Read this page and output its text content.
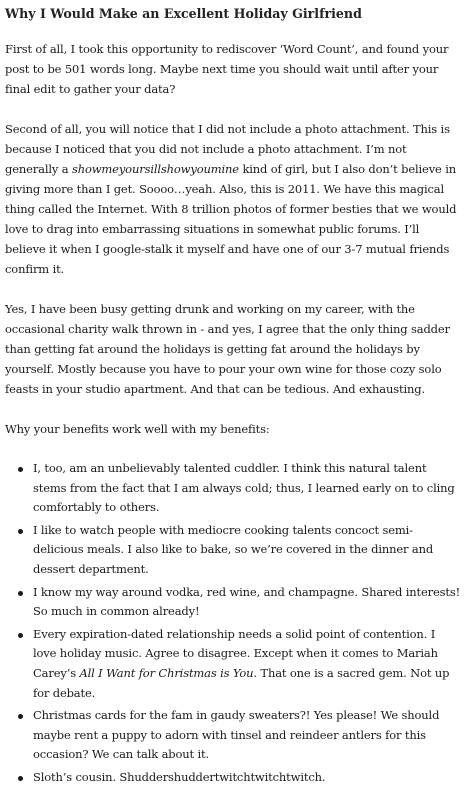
Why I Would Make an Excellent Holiday Girlfriend

First of all, I took this opportunity to rediscover ‘Word Count’, and found your post to be 501 words long. Maybe next time you should wait until after your final edit to gather your data?

Second of all, you will notice that I did not include a photo attachment. This is because I noticed that you did not include a photo attachment. I’m not generally a showmeyoursillshowyoumine kind of girl, but I also don’t believe in giving more than I get. Soooo…yeah. Also, this is 2011. We have this magical thing called the Internet. With 8 trillion photos of former besties that we would love to drag into embarrassing situations in somewhat public forums. I’ll believe it when I google-stalk it myself and have one of our 3-7 mutual friends confirm it.

Yes, I have been busy getting drunk and working on my career, with the occasional charity walk thrown in - and yes, I agree that the only thing sadder than getting fat around the holidays is getting fat around the holidays by yourself. Mostly because you have to pour your own wine for those cozy solo feasts in your studio apartment. And that can be tedious. And exhausting.

Why your benefits work well with my benefits:

I, too, am an unbelievably talented cuddler. I think this natural talent stems from the fact that I am always cold; thus, I learned early on to cling comfortably to others.
I like to watch people with mediocre cooking talents concoct semi-delicious meals. I also like to bake, so we’re covered in the dinner and dessert department.
I know my way around vodka, red wine, and champagne. Shared interests! So much in common already!
Every expiration-dated relationship needs a solid point of contention. I love holiday music. Agree to disagree. Except when it comes to Mariah Carey’s All I Want for Christmas is You. That one is a sacred gem. Not up for debate.
Christmas cards for the fam in gaudy sweaters?! Yes please! We should maybe rent a puppy to adorn with tinsel and reindeer antlers for this occasion? We can talk about it.
Sloth’s cousin. Shuddershuddertwitchtwitchtwitch.
